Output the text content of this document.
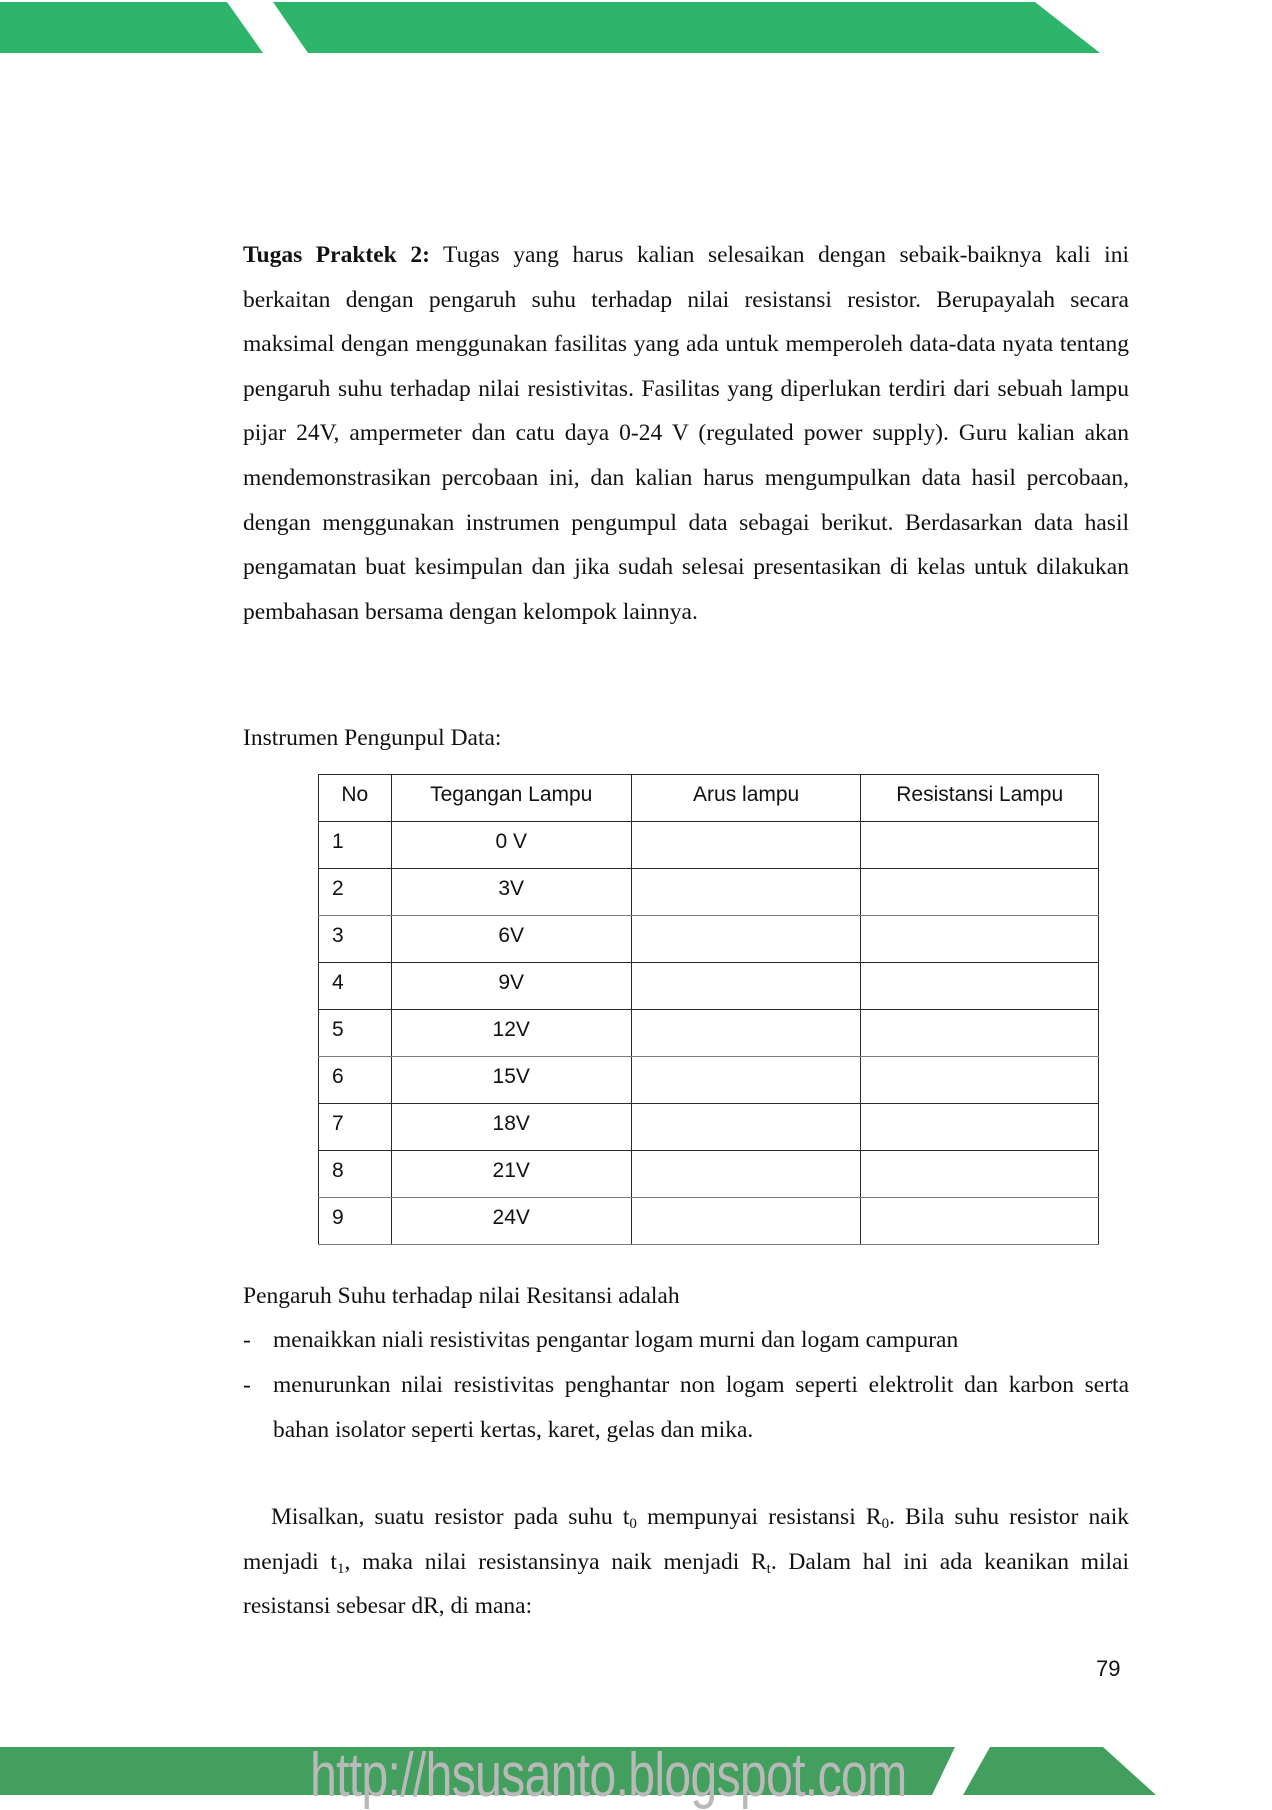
Tugas Praktek 2: Tugas yang harus kalian selesaikan dengan sebaik-baiknya kali ini berkaitan dengan pengaruh suhu terhadap nilai resistansi resistor. Berupayalah secara maksimal dengan menggunakan fasilitas yang ada untuk memperoleh data-data nyata tentang pengaruh suhu terhadap nilai resistivitas. Fasilitas yang diperlukan terdiri dari sebuah lampu pijar 24V, ampermeter dan catu daya 0-24 V (regulated power supply). Guru kalian akan mendemonstrasikan percobaan ini, dan kalian harus mengumpulkan data hasil percobaan, dengan menggunakan instrumen pengumpul data sebagai berikut. Berdasarkan data hasil pengamatan buat kesimpulan dan jika sudah selesai presentasikan di kelas untuk dilakukan pembahasan bersama dengan kelompok lainnya.

Instrumen Pengunpul Data:

No	Tegangan Lampu	Arus lampu	Resistansi Lampu
1	0 V		
2	3V		
3	6V		
4	9V		
5	12V		
6	15V		
7	18V		
8	21V		
9	24V		

Pengaruh Suhu terhadap nilai Resitansi adalah

- menaikkan niali resistivitas pengantar logam murni dan logam campuran
- menurunkan nilai resistivitas penghantar non logam seperti elektrolit dan karbon serta bahan isolator seperti kertas, karet, gelas dan mika.

Misalkan, suatu resistor pada suhu $t_0$ mempunyai resistansi $R_0$. Bila suhu resistor naik menjadi $t_1$, maka nilai resistansinya naik menjadi $R_t$. Dalam hal ini ada keanikan milai resistansi sebesar dR, di mana:

79
http://hsusanto.blogspot.com
